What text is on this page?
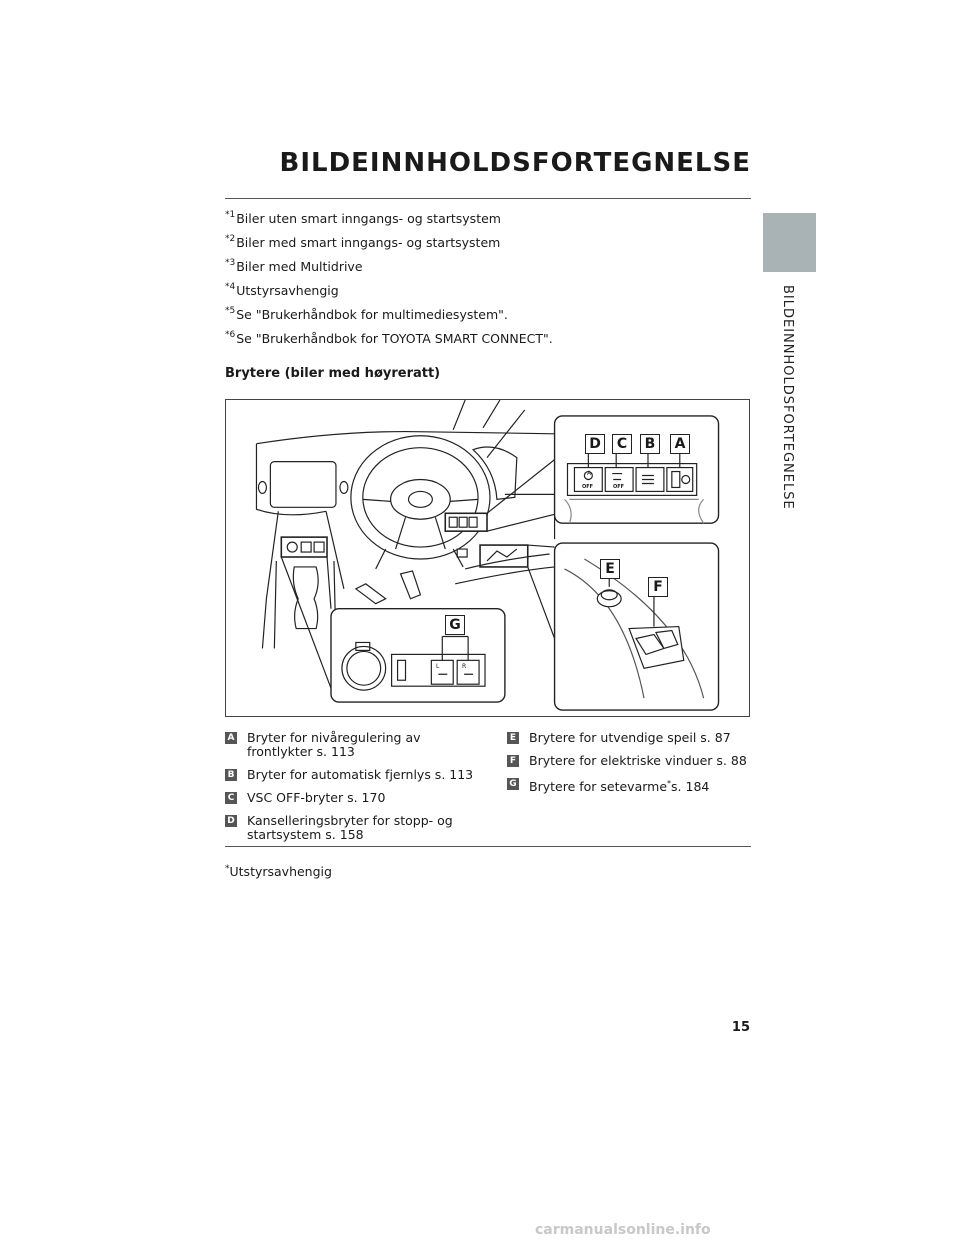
BILDEINNHOLDSFORTEGNELSE
BILDEINNHOLDSFORTEGNELSE
$^{*1}$Biler uten smart inngangs- og startsystem
$^{*2}$Biler med smart inngangs- og startsystem
$^{*3}$Biler med Multidrive
$^{*4}$Utstyrsavhengig
$^{*5}$Se "Brukerhåndbok for multimediesystem".
$^{*6}$Se "Brukerhåndbok for TOYOTA SMART CONNECT".
Brytere (biler med høyreratt)
D	C	B	A
E
F
G
A
OFF	OFF
L	R
A Bryter for nivåregulering av
frontlykter s. 113
B Bryter for automatisk fjernlys s. 113
C VSC OFF-bryter s. 170
D Kanselleringsbryter for stopp- og
startsystem s. 158
E Brytere for utvendige speil s. 87
F Brytere for elektriske vinduer s. 88
G Brytere for setevarme*s. 184
*Utstyrsavhengig
15
carmanualsonline.info
